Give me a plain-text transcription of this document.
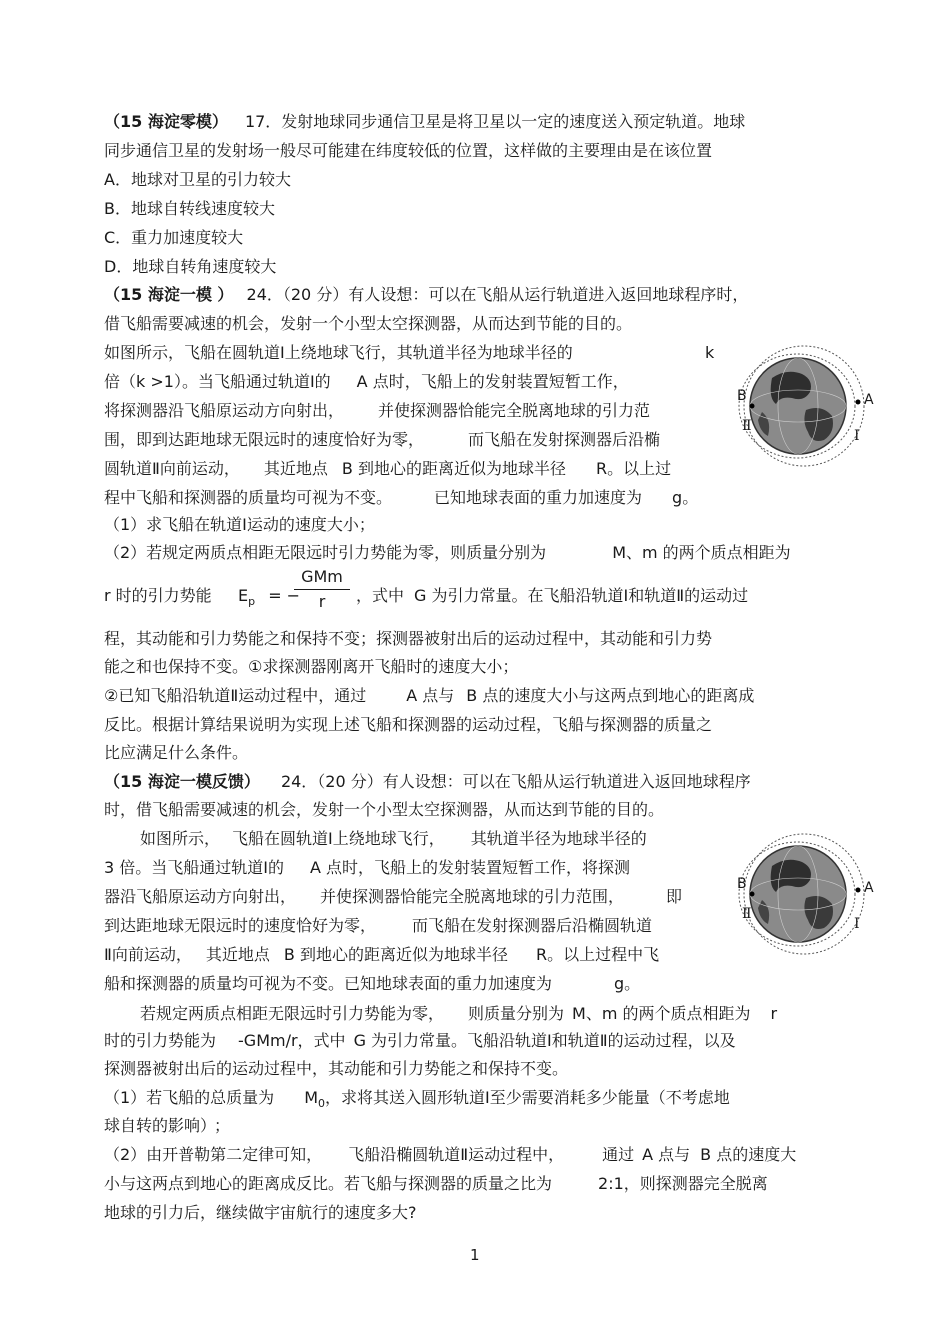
（15 海淀零模） 17．发射地球同步通信卫星是将卫星以一定的速度送入预定轨道。地球
同步通信卫星的发射场一般尽可能建在纬度较低的位置，这样做的主要理由是在该位置
A．地球对卫星的引力较大
B．地球自转线速度较大
C．重力加速度较大
D．地球自转角速度较大
（15 海淀一模 ） 24．（20 分）有人设想：可以在飞船从运行轨道进入返回地球程序时，
借飞船需要减速的机会，发射一个小型太空探测器，从而达到节能的目的。
如图所示，飞船在圆轨道Ⅰ上绕地球飞行，其轨道半径为地球半径的	k
倍（k >1）。当飞船通过轨道Ⅰ的 A 点时，飞船上的发射装置短暂工作，
将探测器沿飞船原运动方向射出， 并使探测器恰能完全脱离地球的引力范
围，即到达距地球无限远时的速度恰好为零，	而飞船在发射探测器后沿椭
圆轨道Ⅱ向前运动， 其近地点 B 到地心的距离近似为地球半径 R。以上过
程中飞船和探测器的质量均可视为不变。	已知地球表面的重力加速度为 g。
（1）求飞船在轨道Ⅰ运动的速度大小；
（2）若规定两质点相距无限远时引力势能为零，则质量分别为	M、m 的两个质点相距为
r 时的引力势能 $E_p$ = −
GMm
r	，式中 G 为引力常量。在飞船沿轨道Ⅰ和轨道Ⅱ的运动过
程，其动能和引力势能之和保持不变；探测器被射出后的运动过程中，其动能和引力势
能之和也保持不变。①求探测器刚离开飞船时的速度大小；
②已知飞船沿轨道Ⅱ运动过程中，通过	A 点与 B 点的速度大小与这两点到地心的距离成
反比。根据计算结果说明为实现上述飞船和探测器的运动过程，飞船与探测器的质量之
比应满足什么条件。
（15 海淀一模反馈） 24．（20 分）有人设想：可以在飞船从运行轨道进入返回地球程序
时，借飞船需要减速的机会，发射一个小型太空探测器，从而达到节能的目的。
如图所示， 飞船在圆轨道Ⅰ上绕地球飞行， 其轨道半径为地球半径的
3 倍。当飞船通过轨道Ⅰ的 A 点时，飞船上的发射装置短暂工作，将探测
器沿飞船原运动方向射出， 并使探测器恰能完全脱离地球的引力范围，	即
到达距地球无限远时的速度恰好为零， 而飞船在发射探测器后沿椭圆轨道
Ⅱ向前运动， 其近地点 B 到地心的距离近似为地球半径 R。以上过程中飞
船和探测器的质量均可视为不变。已知地球表面的重力加速度为	g。
若规定两质点相距无限远时引力势能为零， 则质量分别为 M、m 的两个质点相距为 r
时的引力势能为 -GMm/r，式中 G 为引力常量。飞船沿轨道Ⅰ和轨道Ⅱ的运动过程，以及
探测器被射出后的运动过程中，其动能和引力势能之和保持不变。
（1）若飞船的总质量为 $M_0$，求将其送入圆形轨道Ⅰ至少需要消耗多少能量（不考虑地
球自转的影响） ；
（2）由开普勒第二定律可知， 飞船沿椭圆轨道Ⅱ运动过程中， 通过 A 点与 B 点的速度大
小与这两点到地心的距离成反比。若飞船与探测器的质量之比为	2:1，则探测器完全脱离
地球的引力后，继续做宇宙航行的速度多大?
A
B
Ⅱ
Ⅰ
A
B
Ⅱ
Ⅰ
1
